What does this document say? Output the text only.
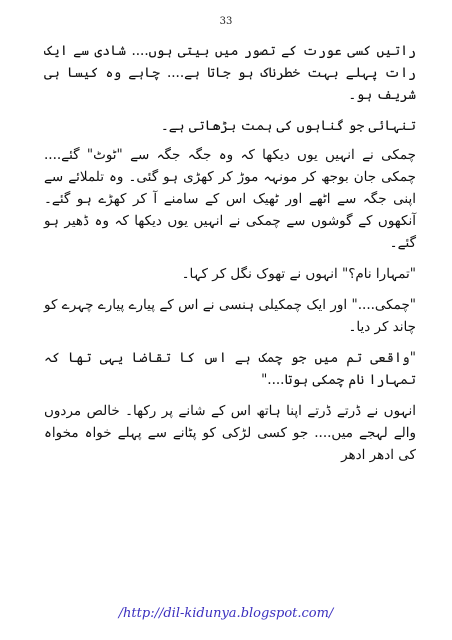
33

راتیں کسی عورت کے تصور میں بیتی ہوں.... شادی سے ایک رات پہلے بہت خطرناک ہو جاتا ہے.... چاہے وہ کیسا ہی شریف ہو۔

تنہائی جو گناہوں کی ہمت بڑھاتی ہے۔

چمکی نے انہیں یوں دیکھا کہ وہ جگہ جگہ سے "ٹوٹ" گئے.... چمکی جان بوجھ کر مونہہ موڑ کر کھڑی ہو گئی۔ وہ تلملائے سے اپنی جگہ سے اٹھے اور ٹھیک اس کے سامنے آ کر کھڑے ہو گئے۔ آنکھوں کے گوشوں سے چمکی نے انہیں یوں دیکھا کہ وہ ڈھیر ہو گئے۔

"تمہارا نام؟" انہوں نے تھوک نگل کر کہا۔

"چمکی...." اور ایک چمکیلی ہنسی نے اس کے پیارے پیارے چہرے کو چاند کر دیا۔

"واقعی تم میں جو چمک ہے اس کا تقاضا یہی تھا کہ تمہارا نام چمکی ہوتا...."

انہوں نے ڈرتے ڈرتے اپنا ہاتھ اس کے شانے پر رکھا۔ خالص مردوں والے لہجے میں.... جو کسی لڑکی کو پٹانے سے پہلے خواہ مخواہ کی ادھر ادھر

/http://dil-kidunya.blogspot.com/
